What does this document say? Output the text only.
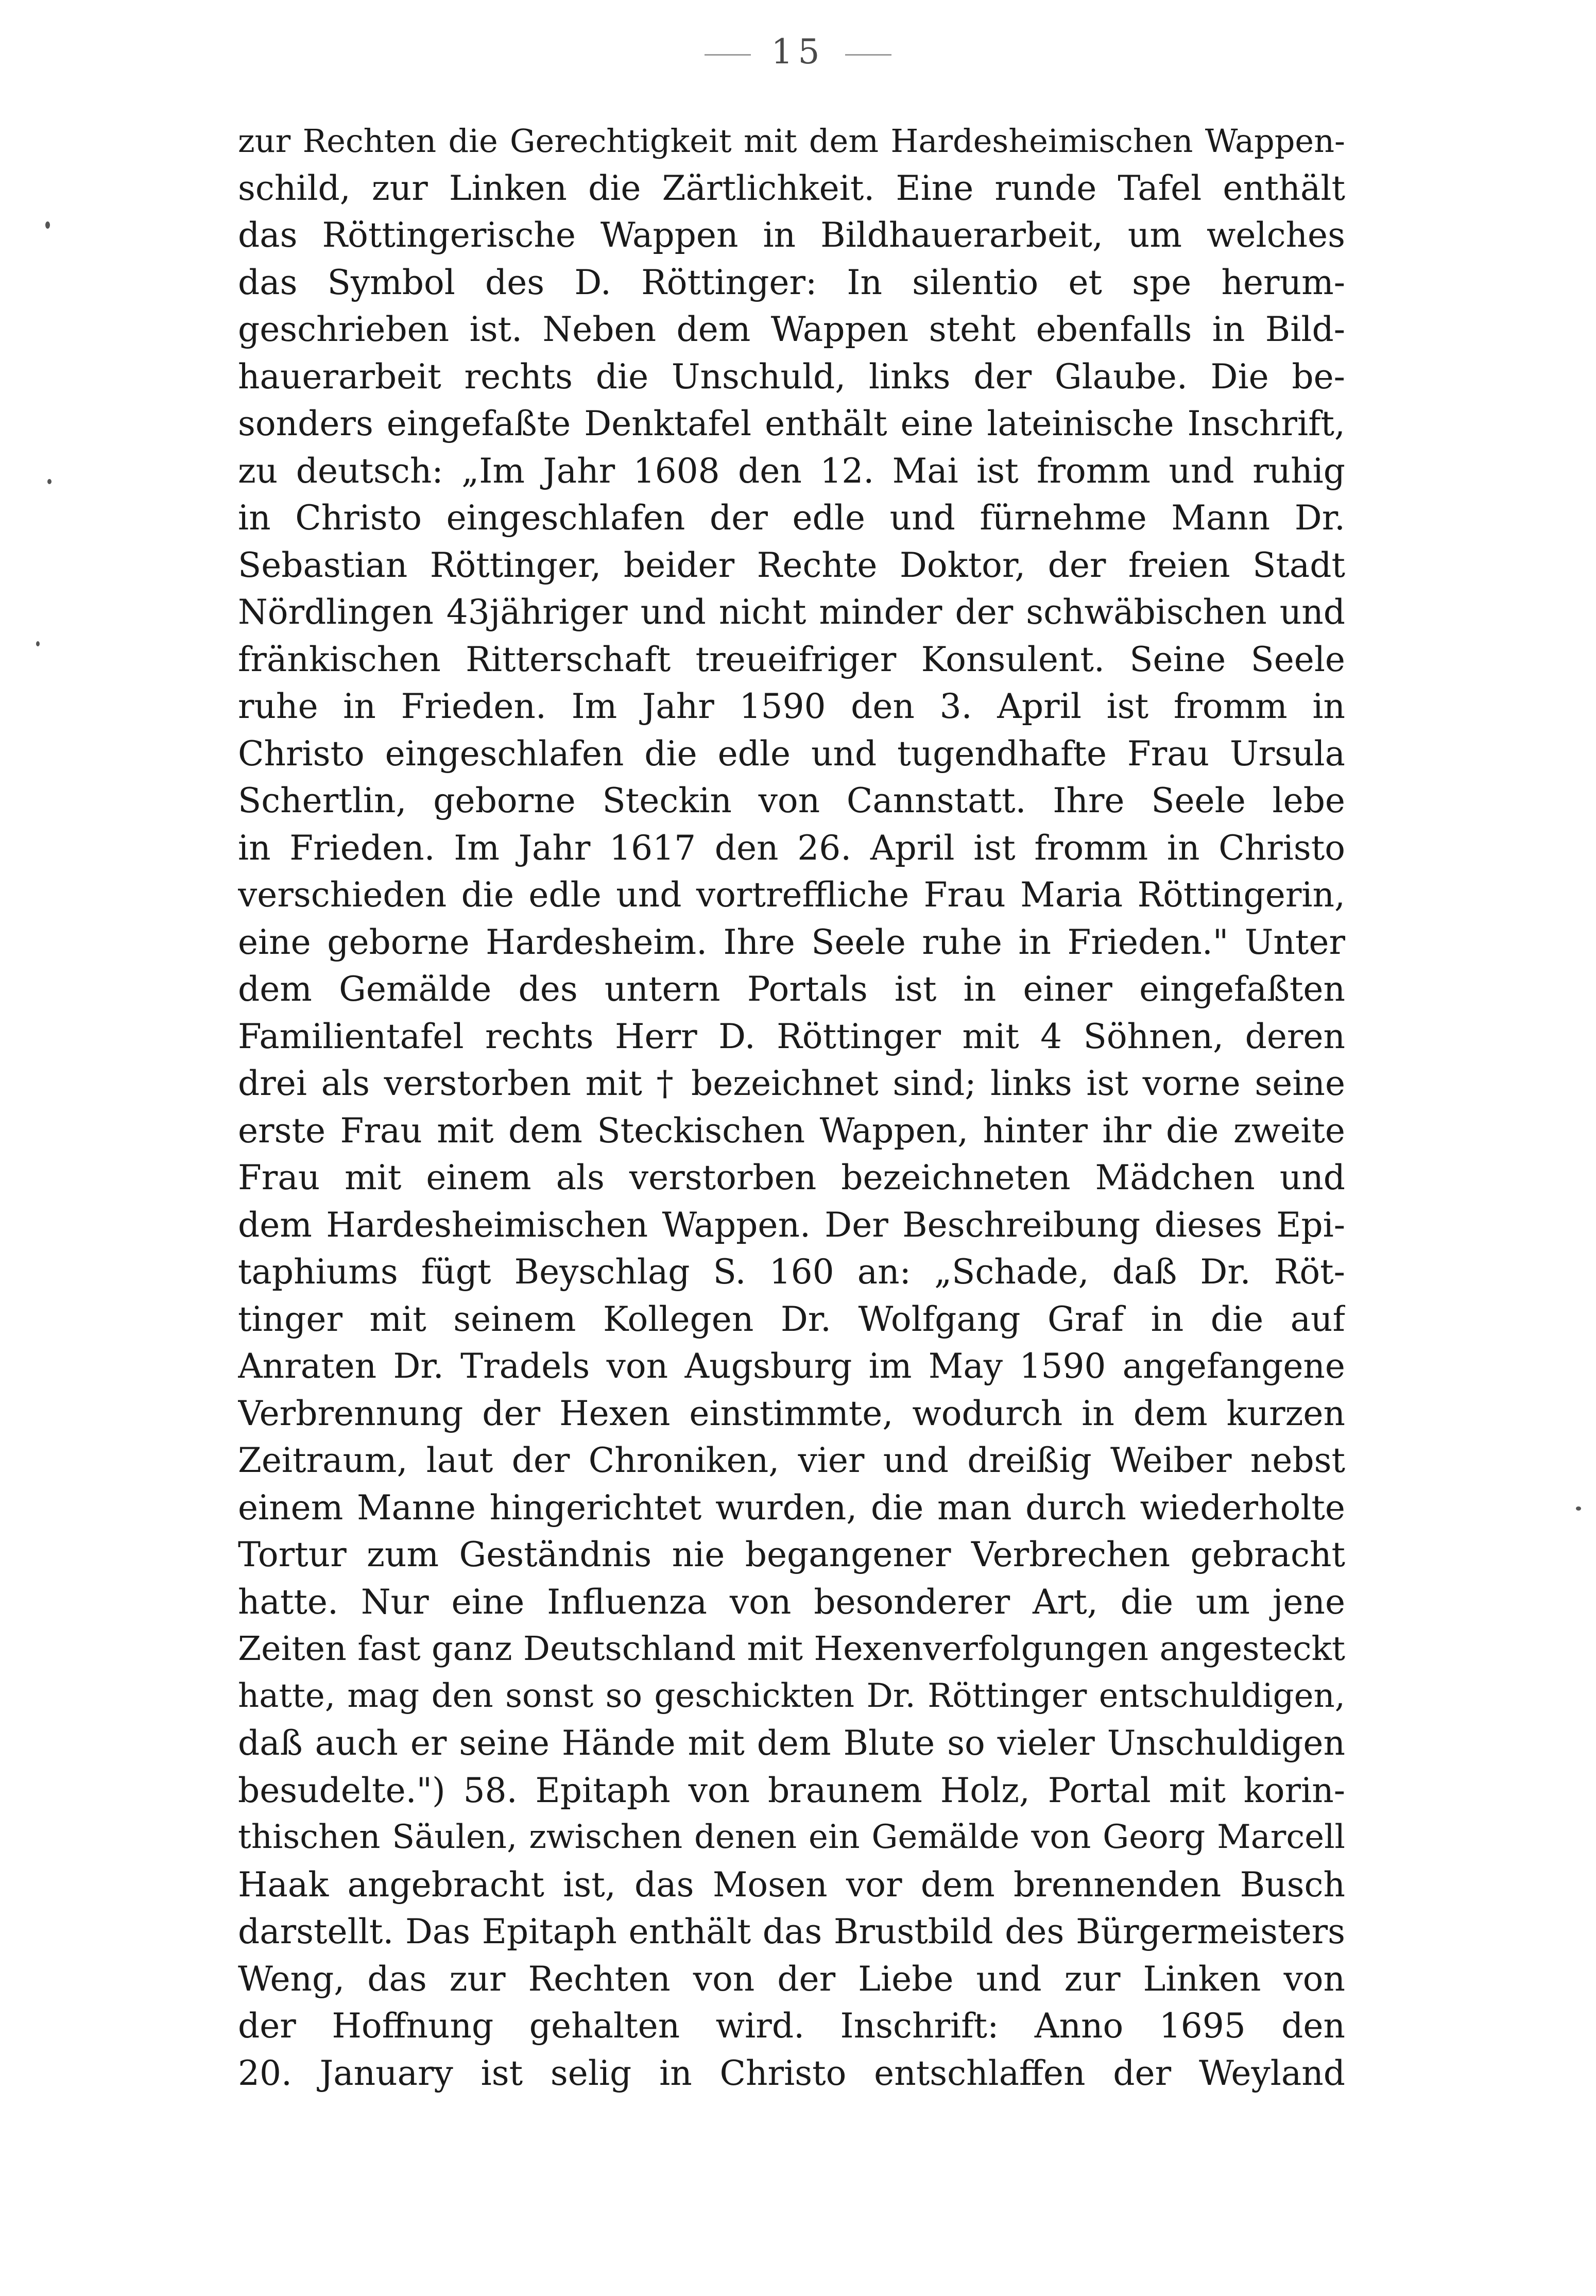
15
zur Rechten die Gerechtigkeit mit dem Hardesheimischen Wappen-
schild, zur Linken die Zärtlichkeit. Eine runde Tafel enthält
das Röttingerische Wappen in Bildhauerarbeit, um welches
das Symbol des D. Röttinger: In silentio et spe herum-
geschrieben ist. Neben dem Wappen steht ebenfalls in Bild-
hauerarbeit rechts die Unschuld, links der Glaube. Die be-
sonders eingefaßte Denktafel enthält eine lateinische Inschrift,
zu deutsch: „Im Jahr 1608 den 12. Mai ist fromm und ruhig
in Christo eingeschlafen der edle und fürnehme Mann Dr.
Sebastian Röttinger, beider Rechte Doktor, der freien Stadt
Nördlingen 43jähriger und nicht minder der schwäbischen und
fränkischen Ritterschaft treueifriger Konsulent. Seine Seele
ruhe in Frieden. Im Jahr 1590 den 3. April ist fromm in
Christo eingeschlafen die edle und tugendhafte Frau Ursula
Schertlin, geborne Steckin von Cannstatt. Ihre Seele lebe
in Frieden. Im Jahr 1617 den 26. April ist fromm in Christo
verschieden die edle und vortreffliche Frau Maria Röttingerin,
eine geborne Hardesheim. Ihre Seele ruhe in Frieden." Unter
dem Gemälde des untern Portals ist in einer eingefaßten
Familientafel rechts Herr D. Röttinger mit 4 Söhnen, deren
drei als verstorben mit † bezeichnet sind; links ist vorne seine
erste Frau mit dem Steckischen Wappen, hinter ihr die zweite
Frau mit einem als verstorben bezeichneten Mädchen und
dem Hardesheimischen Wappen. Der Beschreibung dieses Epi-
taphiums fügt Beyschlag S. 160 an: „Schade, daß Dr. Röt-
tinger mit seinem Kollegen Dr. Wolfgang Graf in die auf
Anraten Dr. Tradels von Augsburg im May 1590 angefangene
Verbrennung der Hexen einstimmte, wodurch in dem kurzen
Zeitraum, laut der Chroniken, vier und dreißig Weiber nebst
einem Manne hingerichtet wurden, die man durch wiederholte
Tortur zum Geständnis nie begangener Verbrechen gebracht
hatte. Nur eine Influenza von besonderer Art, die um jene
Zeiten fast ganz Deutschland mit Hexenverfolgungen angesteckt
hatte, mag den sonst so geschickten Dr. Röttinger entschuldigen,
daß auch er seine Hände mit dem Blute so vieler Unschuldigen
besudelte.") 58. Epitaph von braunem Holz, Portal mit korin-
thischen Säulen, zwischen denen ein Gemälde von Georg Marcell
Haak angebracht ist, das Mosen vor dem brennenden Busch
darstellt. Das Epitaph enthält das Brustbild des Bürgermeisters
Weng, das zur Rechten von der Liebe und zur Linken von
der Hoffnung gehalten wird. Inschrift: Anno 1695 den
20. January ist selig in Christo entschlaffen der Weyland
